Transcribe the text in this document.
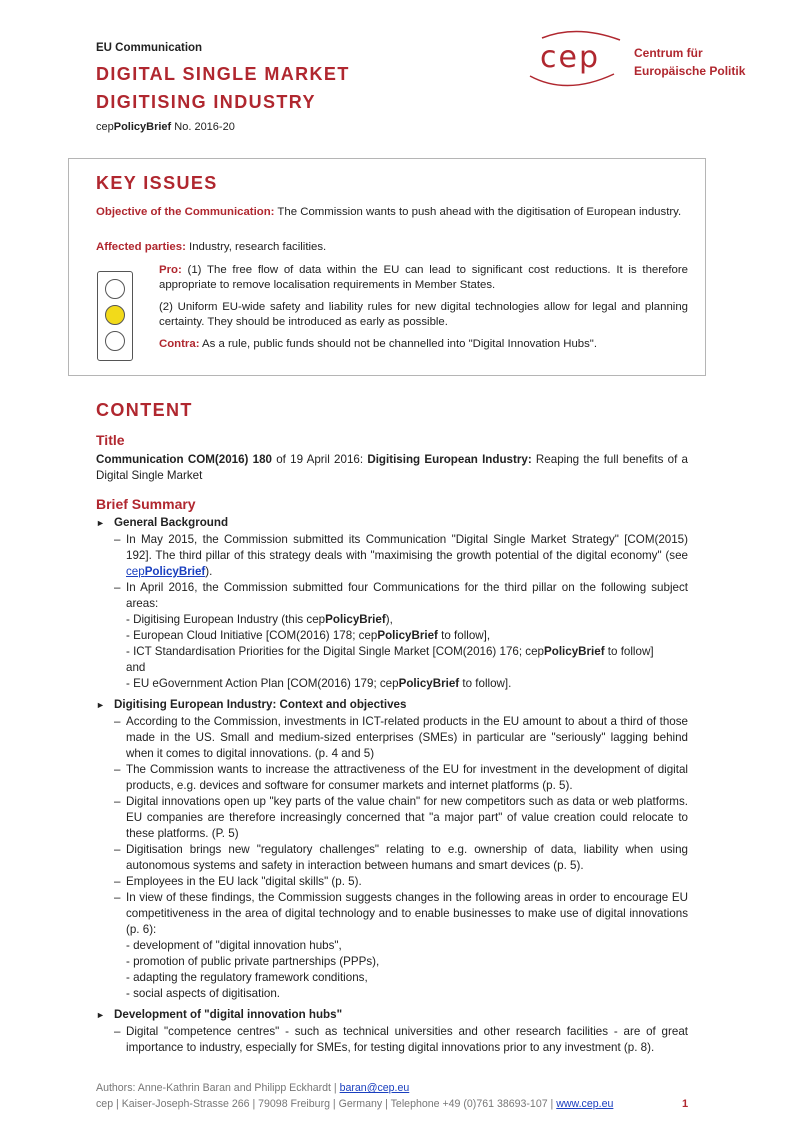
EU Communication
DIGITAL SINGLE MARKET
DIGITISING INDUSTRY
cepPolicyBrief No. 2016-20
cep	Centrum für
Europäische Politik
KEY ISSUES
Objective of the Communication: The Commission wants to push ahead with the digitisation of European industry.
Affected parties: Industry, research facilities.
Pro: (1) The free flow of data within the EU can lead to significant cost reductions. It is therefore appropriate to remove localisation requirements in Member States.
(2) Uniform EU-wide safety and liability rules for new digital technologies allow for legal and planning certainty. They should be introduced as early as possible.
Contra: As a rule, public funds should not be channelled into "Digital Innovation Hubs".
CONTENT
Title
Communication COM(2016) 180 of 19 April 2016: Digitising European Industry: Reaping the full benefits of a Digital Single Market
Brief Summary
► General Background
– In May 2015, the Commission submitted its Communication "Digital Single Market Strategy" [COM(2015) 192]. The third pillar of this strategy deals with "maximising the growth potential of the digital economy" (see cepPolicyBrief).
– In April 2016, the Commission submitted four Communications for the third pillar on the following subject areas:
- Digitising European Industry (this cepPolicyBrief),
- European Cloud Initiative [COM(2016) 178; cepPolicyBrief to follow],
- ICT Standardisation Priorities for the Digital Single Market [COM(2016) 176; cepPolicyBrief to follow]
and
- EU eGovernment Action Plan [COM(2016) 179; cepPolicyBrief to follow].
► Digitising European Industry: Context and objectives
– According to the Commission, investments in ICT-related products in the EU amount to about a third of those made in the US. Small and medium-sized enterprises (SMEs) in particular are "seriously" lagging behind when it comes to digital innovations. (p. 4 and 5)
– The Commission wants to increase the attractiveness of the EU for investment in the development of digital products, e.g. devices and software for consumer markets and internet platforms (p. 5).
– Digital innovations open up "key parts of the value chain" for new competitors such as data or web platforms. EU companies are therefore increasingly concerned that "a major part" of value creation could relocate to these platforms. (P. 5)
– Digitisation brings new "regulatory challenges" relating to e.g. ownership of data, liability when using autonomous systems and safety in interaction between humans and smart devices (p. 5).
– Employees in the EU lack "digital skills" (p. 5).
– In view of these findings, the Commission suggests changes in the following areas in order to encourage EU competitiveness in the area of digital technology and to enable businesses to make use of digital innovations (p. 6):
- development of "digital innovation hubs",
- promotion of public private partnerships (PPPs),
- adapting the regulatory framework conditions,
- social aspects of digitisation.
► Development of "digital innovation hubs"
– Digital "competence centres" - such as technical universities and other research facilities - are of great importance to industry, especially for SMEs, for testing digital innovations prior to any investment (p. 8).
Authors: Anne-Kathrin Baran and Philipp Eckhardt | baran@cep.eu
cep | Kaiser-Joseph-Strasse 266 | 79098 Freiburg | Germany | Telephone +49 (0)761 38693-107 | www.cep.eu	1
